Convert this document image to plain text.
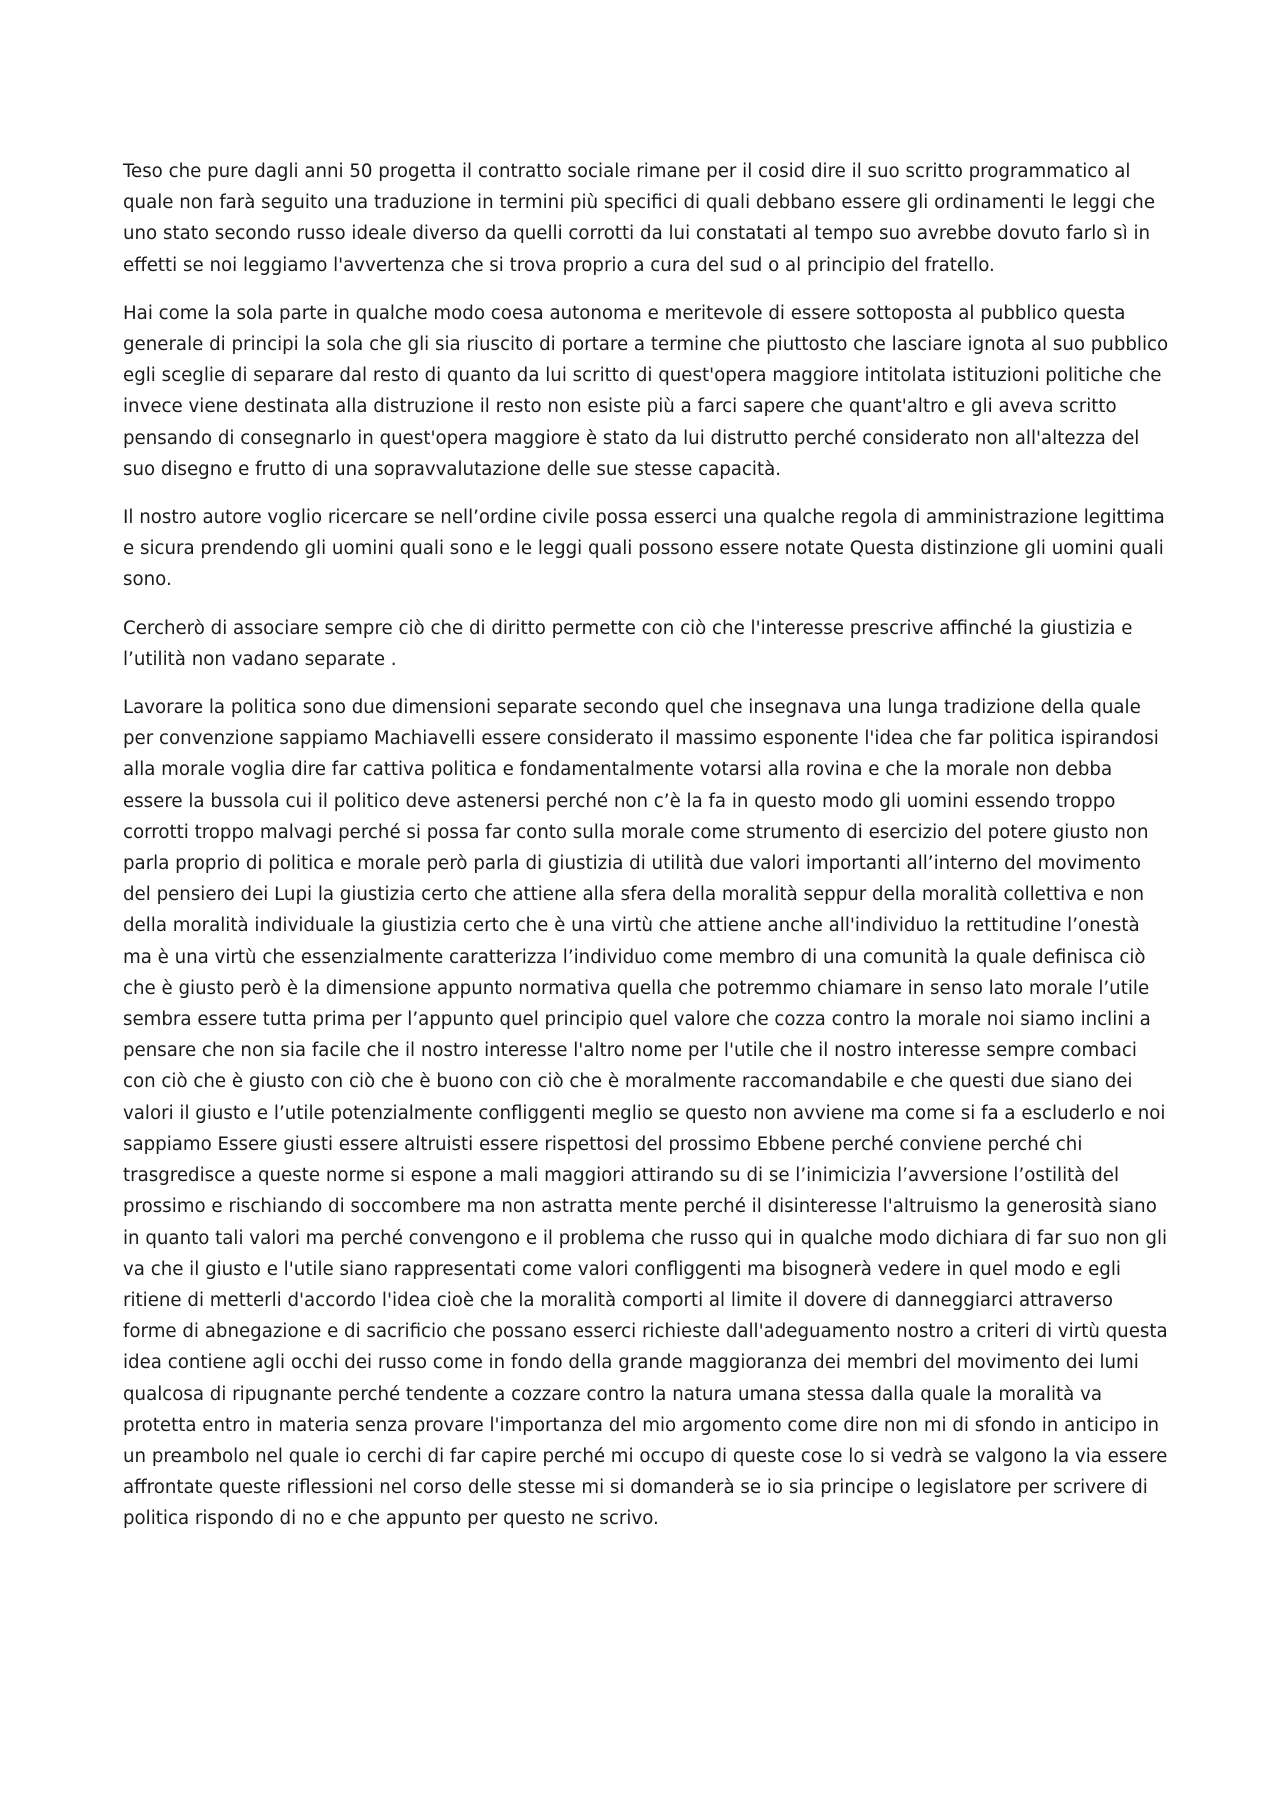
Teso che pure dagli anni 50 progetta il contratto sociale rimane per il cosid dire il suo scritto programmatico al quale non farà seguito una traduzione in termini più specifici di quali debbano essere gli ordinamenti le leggi che uno stato secondo russo ideale diverso da quelli corrotti da lui constatati al tempo suo avrebbe dovuto farlo sì in effetti se noi leggiamo l'avvertenza che si trova proprio a cura del sud o al principio del fratello.

Hai come la sola parte in qualche modo coesa autonoma e meritevole di essere sottoposta al pubblico questa generale di principi la sola che gli sia riuscito di portare a termine che piuttosto che lasciare ignota al suo pubblico egli sceglie di separare dal resto di quanto da lui scritto di quest'opera maggiore intitolata istituzioni politiche che invece viene destinata alla distruzione il resto non esiste più a farci sapere che quant'altro e gli aveva scritto pensando di consegnarlo in quest'opera maggiore è stato da lui distrutto perché considerato non all'altezza del suo disegno e frutto di una sopravvalutazione delle sue stesse capacità.

Il nostro autore voglio ricercare se nell’ordine civile possa esserci una qualche regola di amministrazione legittima e sicura prendendo gli uomini quali sono e le leggi quali possono essere notate Questa distinzione gli uomini quali sono.

Cercherò di associare sempre ciò che di diritto permette con ciò che l'interesse prescrive affinché la giustizia e l’utilità non vadano separate .

Lavorare la politica sono due dimensioni separate secondo quel che insegnava una lunga tradizione della quale per convenzione sappiamo Machiavelli essere considerato il massimo esponente l'idea che far politica ispirandosi alla morale voglia dire far cattiva politica e fondamentalmente votarsi alla rovina e che la morale non debba essere la bussola cui il politico deve astenersi perché non c’è la fa in questo modo gli uomini essendo troppo corrotti troppo malvagi perché si possa far conto sulla morale come strumento di esercizio del potere giusto non parla proprio di politica e morale però parla di giustizia di utilità due valori importanti all’interno del movimento del pensiero dei Lupi la giustizia certo che attiene alla sfera della moralità seppur della moralità collettiva e non della moralità individuale la giustizia certo che è una virtù che attiene anche all'individuo la rettitudine l’onestà ma è una virtù che essenzialmente caratterizza l’individuo come membro di una comunità la quale definisca ciò che è giusto però è la dimensione appunto normativa quella che potremmo chiamare in senso lato morale l’utile sembra essere tutta prima per l’appunto quel principio quel valore che cozza contro la morale noi siamo inclini a pensare che non sia facile che il nostro interesse l'altro nome per l'utile che il nostro interesse sempre combaci con ciò che è giusto con ciò che è buono con ciò che è moralmente raccomandabile e che questi due siano dei valori il giusto e l’utile potenzialmente confliggenti meglio se questo non avviene ma come si fa a escluderlo e noi sappiamo Essere giusti essere altruisti essere rispettosi del prossimo Ebbene perché conviene perché chi trasgredisce a queste norme si espone a mali maggiori attirando su di se l’inimicizia l’avversione l’ostilità del prossimo e rischiando di soccombere ma non astratta mente perché il disinteresse l'altruismo la generosità siano in quanto tali valori ma perché convengono e il problema che russo qui in qualche modo dichiara di far suo non gli va che il giusto e l'utile siano rappresentati come valori confliggenti ma bisognerà vedere in quel modo e egli ritiene di metterli d'accordo l'idea cioè che la moralità comporti al limite il dovere di danneggiarci attraverso forme di abnegazione e di sacrificio che possano esserci richieste dall'adeguamento nostro a criteri di virtù questa idea contiene agli occhi dei russo come in fondo della grande maggioranza dei membri del movimento dei lumi qualcosa di ripugnante perché tendente a cozzare contro la natura umana stessa dalla quale la moralità va protetta entro in materia senza provare l'importanza del mio argomento come dire non mi di sfondo in anticipo in un preambolo nel quale io cerchi di far capire perché mi occupo di queste cose lo si vedrà se valgono la via essere affrontate queste riflessioni nel corso delle stesse mi si domanderà se io sia principe o legislatore per scrivere di politica rispondo di no e che appunto per questo ne scrivo.
